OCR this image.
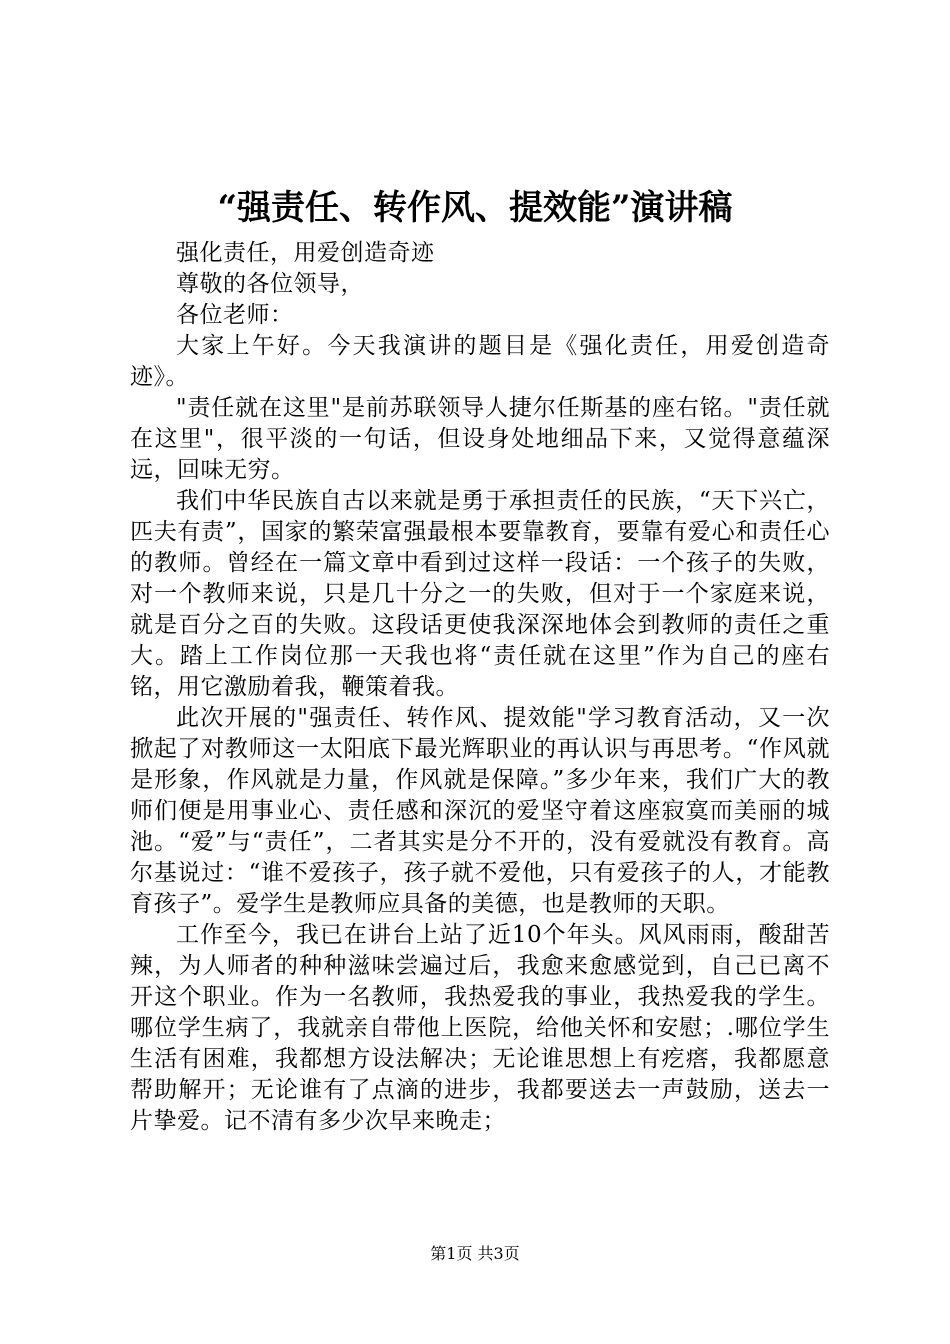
“强责任、转作风、提效能”演讲稿

强化责任，用爱创造奇迹

尊敬的各位领导，

各位老师：

大家上午好。今天我演讲的题目是《强化责任，用爱创造奇迹》。

"责任就在这里"是前苏联领导人捷尔任斯基的座右铭。"责任就在这里"，很平淡的一句话，但设身处地细品下来，又觉得意蕴深远，回味无穷。

我们中华民族自古以来就是勇于承担责任的民族，“天下兴亡，匹夫有责”，国家的繁荣富强最根本要靠教育，要靠有爱心和责任心的教师。曾经在一篇文章中看到过这样一段话：一个孩子的失败，对一个教师来说，只是几十分之一的失败，但对于一个家庭来说，就是百分之百的失败。这段话更使我深深地体会到教师的责任之重大。踏上工作岗位那一天我也将“责任就在这里”作为自己的座右铭，用它激励着我，鞭策着我。

此次开展的"强责任、转作风、提效能"学习教育活动，又一次掀起了对教师这一太阳底下最光辉职业的再认识与再思考。“作风就是形象，作风就是力量，作风就是保障。”多少年来，我们广大的教师们便是用事业心、责任感和深沉的爱坚守着这座寂寞而美丽的城池。“爱”与“责任”，二者其实是分不开的，没有爱就没有教育。高尔基说过：“谁不爱孩子，孩子就不爱他，只有爱孩子的人，才能教育孩子”。爱学生是教师应具备的美德，也是教师的天职。

工作至今，我已在讲台上站了近10个年头。风风雨雨，酸甜苦辣，为人师者的种种滋味尝遍过后，我愈来愈感觉到，自己已离不开这个职业。作为一名教师，我热爱我的事业，我热爱我的学生。哪位学生病了，我就亲自带他上医院，给他关怀和安慰；.哪位学生生活有困难，我都想方设法解决；无论谁思想上有疙瘩，我都愿意帮助解开；无论谁有了点滴的进步，我都要送去一声鼓励，送去一片挚爱。记不清有多少次早来晚走；

第1页 共3页
